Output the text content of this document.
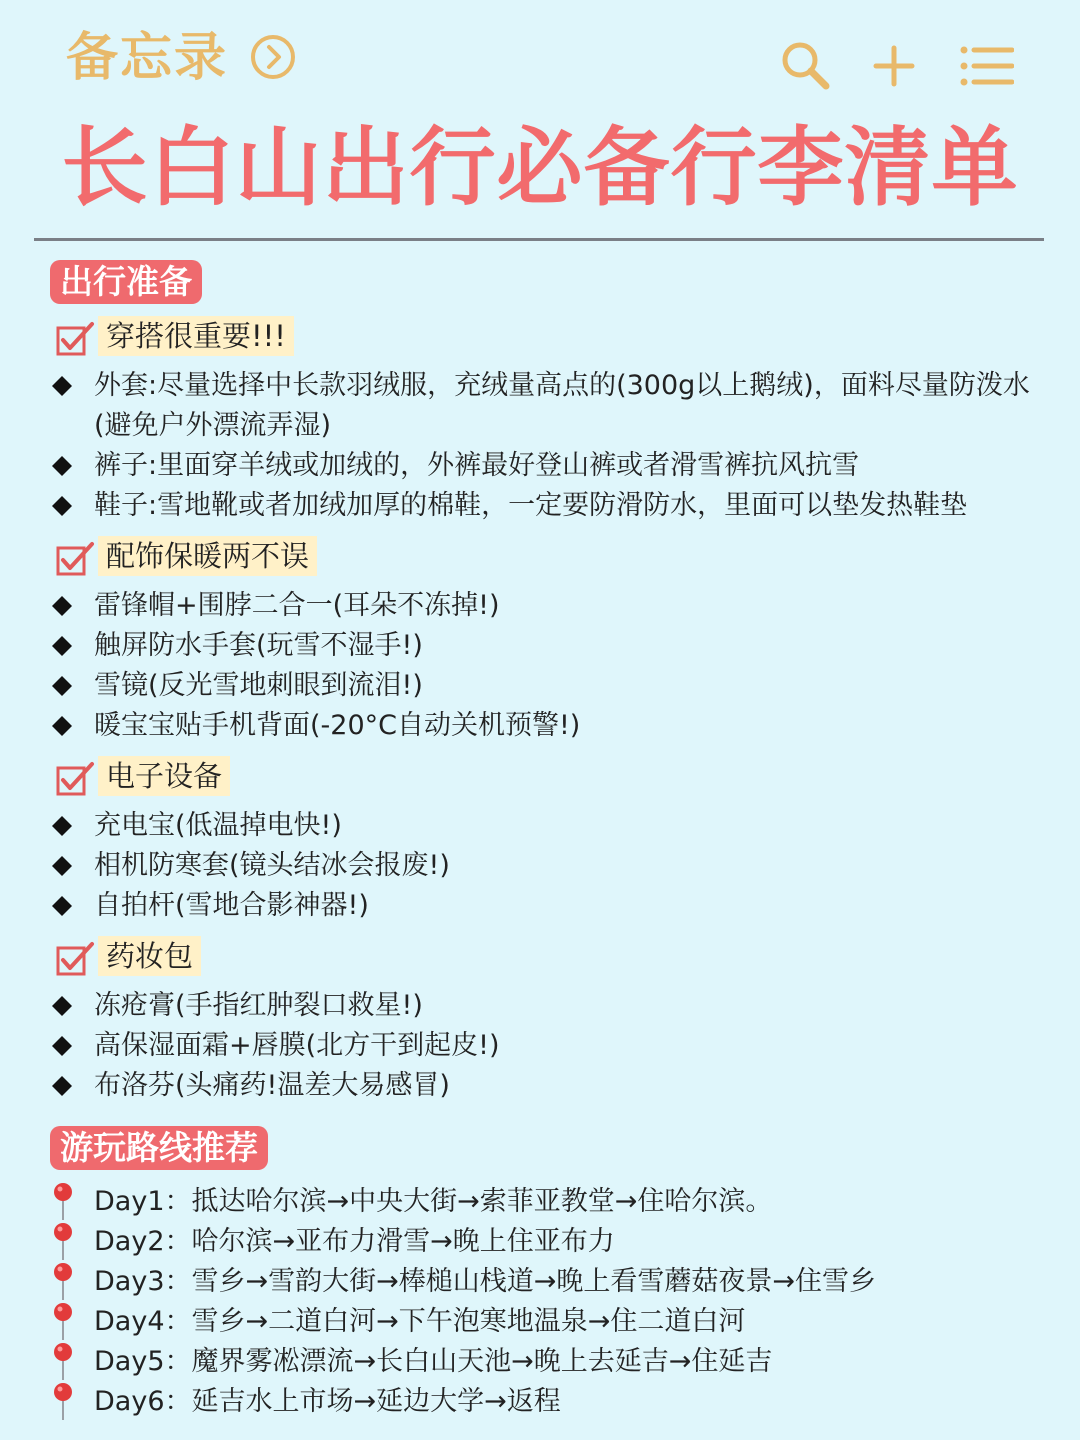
备忘录
长白山出行必备行李清单
出行准备
穿搭很重要!!!
外套:尽量选择中长款羽绒服，充绒量高点的(300g以上鹅绒)，面料尽量防泼水(避免户外漂流弄湿)
裤子:里面穿羊绒或加绒的，外裤最好登山裤或者滑雪裤抗风抗雪
鞋子:雪地靴或者加绒加厚的棉鞋，一定要防滑防水，里面可以垫发热鞋垫
配饰保暖两不误
雷锋帽+围脖二合一(耳朵不冻掉!)
触屏防水手套(玩雪不湿手!)
雪镜(反光雪地刺眼到流泪!)
暖宝宝贴手机背面(-20°C自动关机预警!)
电子设备
充电宝(低温掉电快!)
相机防寒套(镜头结冰会报废!)
自拍杆(雪地合影神器!)
药妆包
冻疮膏(手指红肿裂口救星!)
高保湿面霜+唇膜(北方干到起皮!)
布洛芬(头痛药!温差大易感冒)
游玩路线推荐
Day1：抵达哈尔滨→中央大街→索菲亚教堂→住哈尔滨。
Day2：哈尔滨→亚布力滑雪→晚上住亚布力
Day3：雪乡→雪韵大街→棒槌山栈道→晚上看雪蘑菇夜景→住雪乡
Day4：雪乡→二道白河→下午泡寒地温泉→住二道白河
Day5：魔界雾凇漂流→长白山天池→晚上去延吉→住延吉
Day6：延吉水上市场→延边大学→返程
